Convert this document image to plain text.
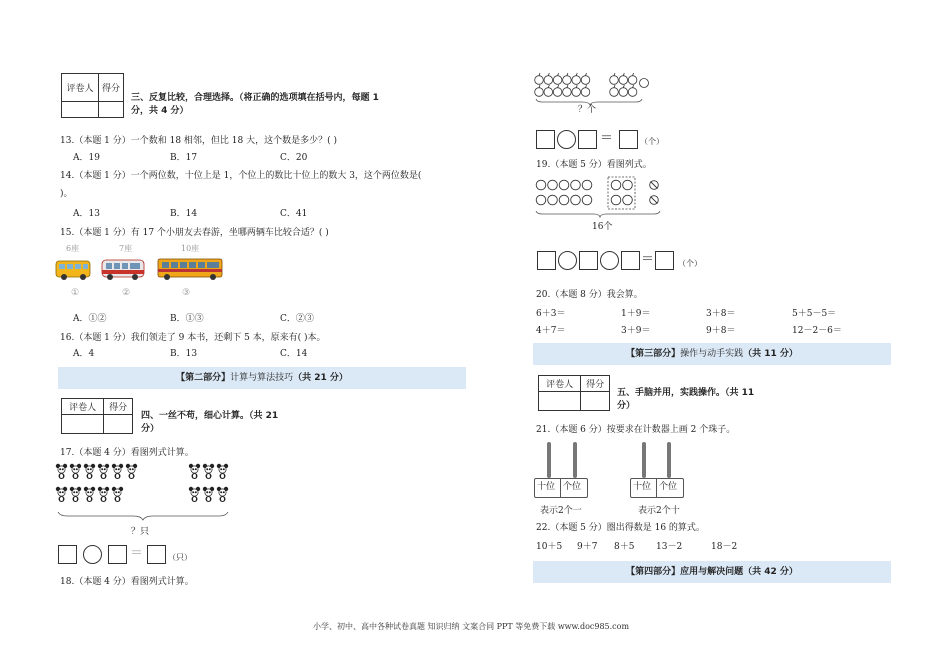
评卷人	得分

三、反复比较，合理选择。（将正确的选项填在括号内，每题 1
分，共 4 分）
13.（本题 1 分）一个数和 18 相邻，但比 18 大，这个数是多少？( )
A．19	B．17	C．20
14.（本题 1 分）一个两位数，十位上是 1，个位上的数比十位上的数大 3，这个两位数是(
)。
A．13	B．14	C．41
15.（本题 1 分）有 17 个小朋友去春游，坐哪两辆车比较合适？( )
6座	7座	10座
①	②	③
A．①②	B．①③	C．②③
16.（本题 1 分）我们领走了 9 本书，还剩下 5 本，原来有( )本。
A．4	B．13	C．14
【第二部分】计算与算法技巧（共 21 分）
评卷人	得分

四、一丝不苟，细心计算。（共 21
分）
17.（本题 4 分）看图列式计算。
？只
＝	（只）
18.（本题 4 分）看图列式计算。
？个
＝	（个）
19.（本题 5 分）看图列式。
16个
＝	（个）
20.（本题 8 分）我会算。
6＋3＝	1＋9＝	3＋8＝	5＋5－5＝
4＋7＝	3＋9＝	9＋8＝	12－2－6＝
【第三部分】操作与动手实践（共 11 分）
评卷人	得分

五、手脑并用，实践操作。（共 11
分）
21.（本题 6 分）按要求在计数器上画 2 个珠子。
十位 个位
表示2个一
十位 个位
表示2个十
22.（本题 5 分）圈出得数是 16 的算式。
10＋5 9＋7 8＋5 13－2	18－2
【第四部分】应用与解决问题（共 42 分）
小学、初中、高中各种试卷真题 知识归纳 文案合同 PPT 等免费下载 www.doc985.com
